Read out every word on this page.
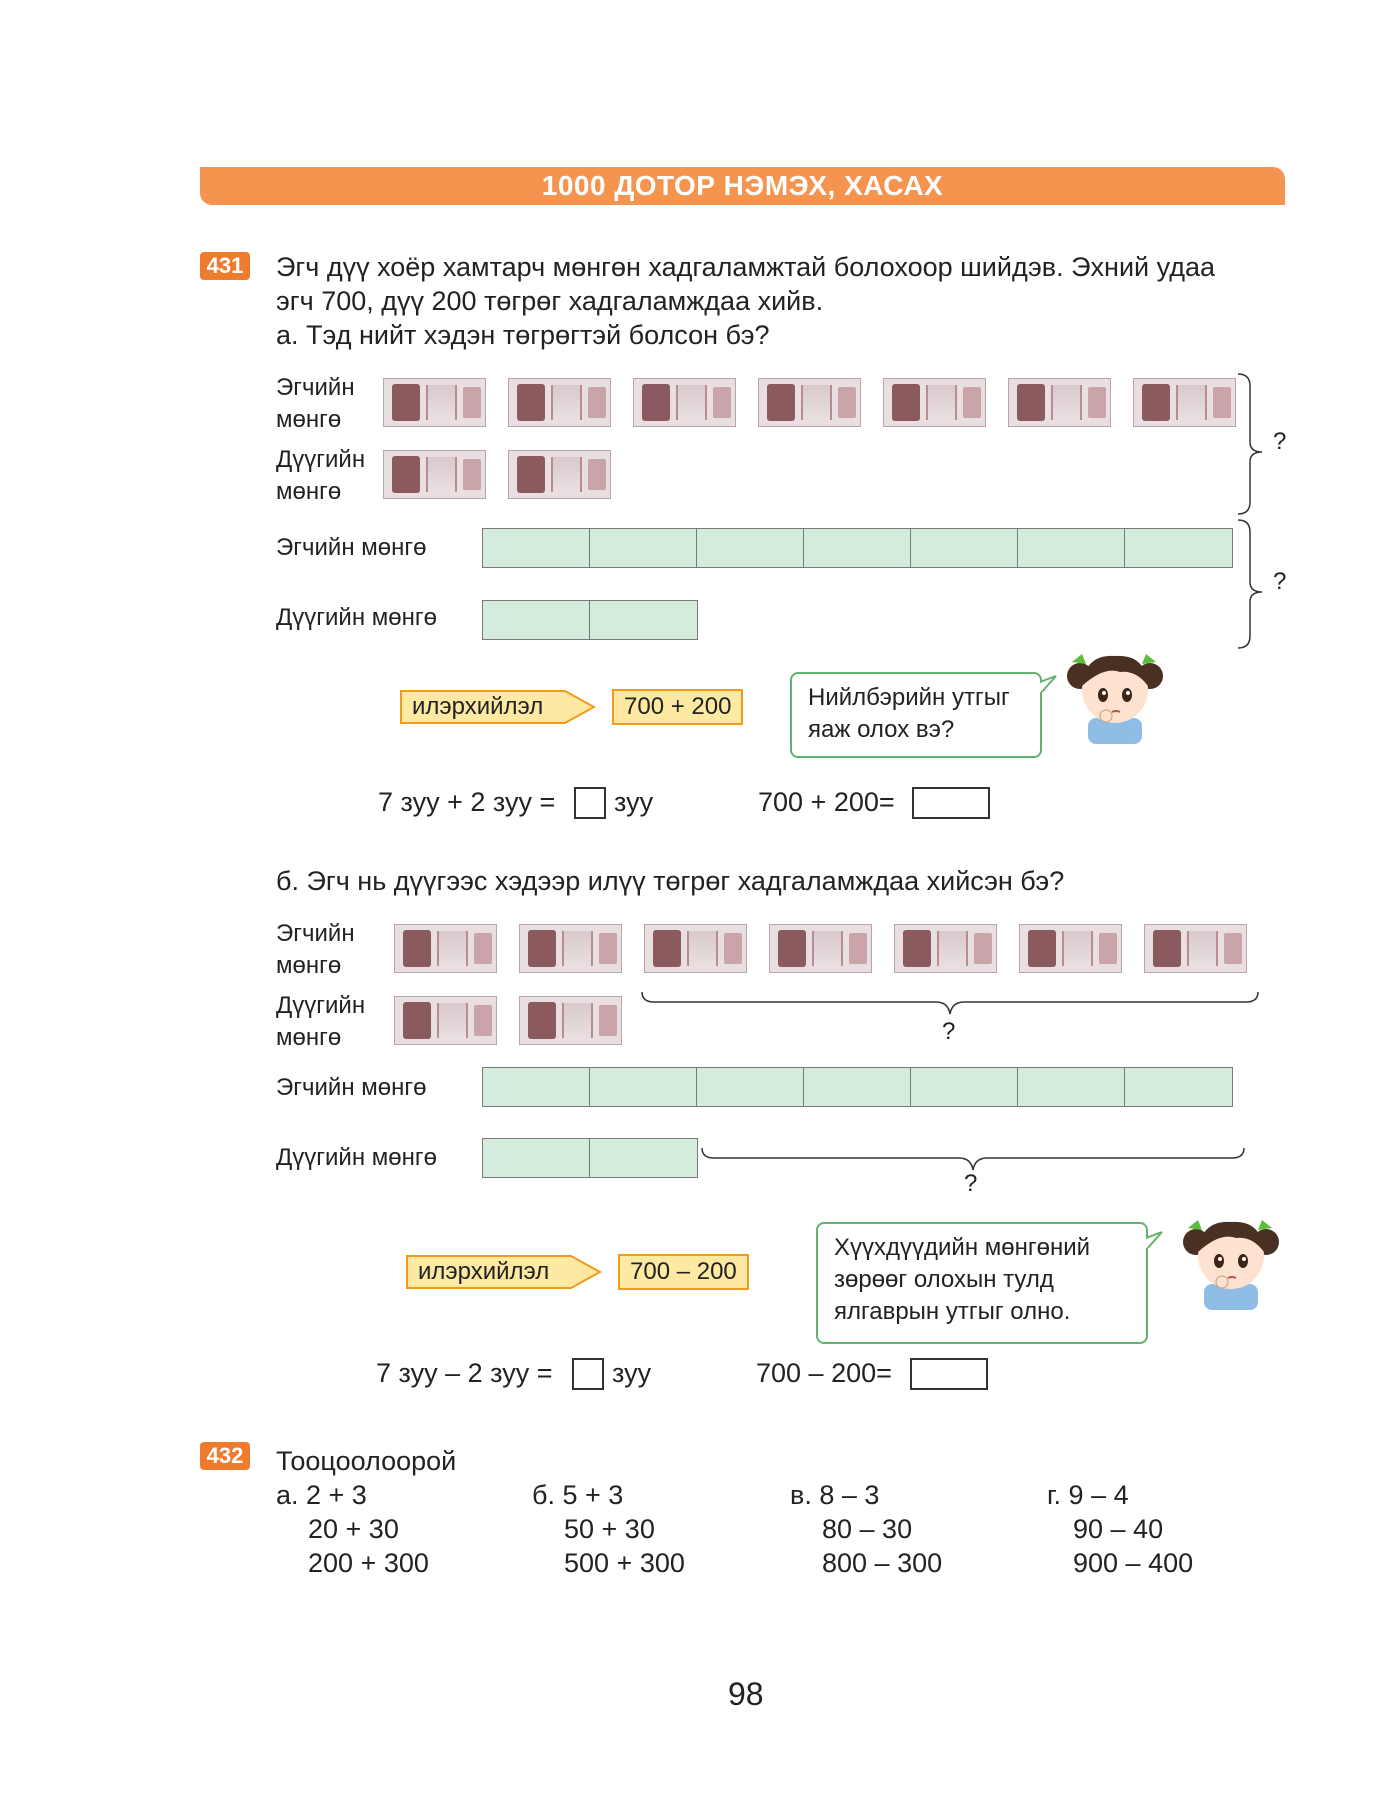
1000 ДОТОР НЭМЭХ, ХАСАХ
431 Эгч дүү хоёр хамтарч мөнгөн хадгаламжтай болохоор шийдэв. Эхний удаа
эгч 700, дүү 200 төгрөг хадгаламждаа хийв.
а. Тэд нийт хэдэн төгрөгтэй болсон бэ?
Эгчийн
мөнгө
Дүүгийн
мөнгө
?
?
Эгчийн мөнгө
Дүүгийн мөнгө
илэрхийлэл	700 + 200	Нийлбэрийн утгыг
яаж олох вэ?
7 зуу + 2 зуу = зуу	700 + 200=
б. Эгч нь дүүгээс хэдээр илүү төгрөг хадгаламждаа хийсэн бэ?
Эгчийн
мөнгө
Дүүгийн
мөнгө	?
Эгчийн мөнгө
Дүүгийн мөнгө
?
илэрхийлэл	700 – 200
Хүүхдүүдийн мөнгөний
зөрөөг олохын тулд
ялгаврын утгыг олно.
7 зуу – 2 зуу = зуу	700 – 200=
432 Тооцоолоорой
а. 2 + 3
20 + 30
200 + 300
б. 5 + 3
50 + 30
500 + 300
в. 8 – 3
80 – 30
800 – 300
г. 9 – 4
90 – 40
900 – 400
98
